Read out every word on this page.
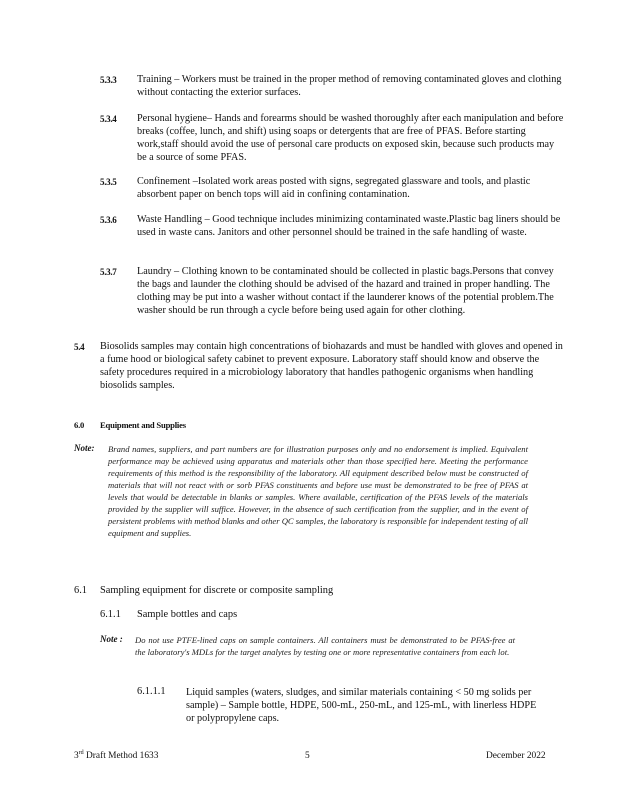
5.3.3 Training – Workers must be trained in the proper method of removing contaminated gloves and clothing without contacting the exterior surfaces.
5.3.4 Personal hygiene– Hands and forearms should be washed thoroughly after each manipulation and before breaks (coffee, lunch, and shift) using soaps or detergents that are free of PFAS. Before starting work,staff should avoid the use of personal care products on exposed skin, because such products may be a source of some PFAS.
5.3.5 Confinement –Isolated work areas posted with signs, segregated glassware and tools, and plastic absorbent paper on bench tops will aid in confining contamination.
5.3.6 Waste Handling – Good technique includes minimizing contaminated waste.Plastic bag liners should be used in waste cans. Janitors and other personnel should be trained in the safe handling of waste.
5.3.7 Laundry – Clothing known to be contaminated should be collected in plastic bags.Persons that convey the bags and launder the clothing should be advised of the hazard and trained in proper handling. The clothing may be put into a washer without contact if the launderer knows of the potential problem.The washer should be run through a cycle before being used again for other clothing.
5.4 Biosolids samples may contain high concentrations of biohazards and must be handled with gloves and opened in a fume hood or biological safety cabinet to prevent exposure. Laboratory staff should know and observe the safety procedures required in a microbiology laboratory that handles pathogenic organisms when handling biosolids samples.
6.0 Equipment and Supplies
Note: Brand names, suppliers, and part numbers are for illustration purposes only and no endorsement is implied. Equivalent performance may be achieved using apparatus and materials other than those specified here. Meeting the performance requirements of this method is the responsibility of the laboratory. All equipment described below must be constructed of materials that will not react with or sorb PFAS constituents and before use must be demonstrated to be free of PFAS at levels that would be detectable in blanks or samples. Where available, certification of the PFAS levels of the materials provided by the supplier will suffice. However, in the absence of such certification from the supplier, and in the event of persistent problems with method blanks and other QC samples, the laboratory is responsible for independent testing of all equipment and supplies.
6.1 Sampling equipment for discrete or composite sampling
6.1.1 Sample bottles and caps
Note : Do not use PTFE-lined caps on sample containers. All containers must be demonstrated to be PFAS-free at the laboratory's MDLs for the target analytes by testing one or more representative containers from each lot.
6.1.1.1 Liquid samples (waters, sludges, and similar materials containing < 50 mg solids per sample) – Sample bottle, HDPE, 500-mL, 250-mL, and 125-mL, with linerless HDPE or polypropylene caps.
3rd Draft Method 1633	5	December 2022
